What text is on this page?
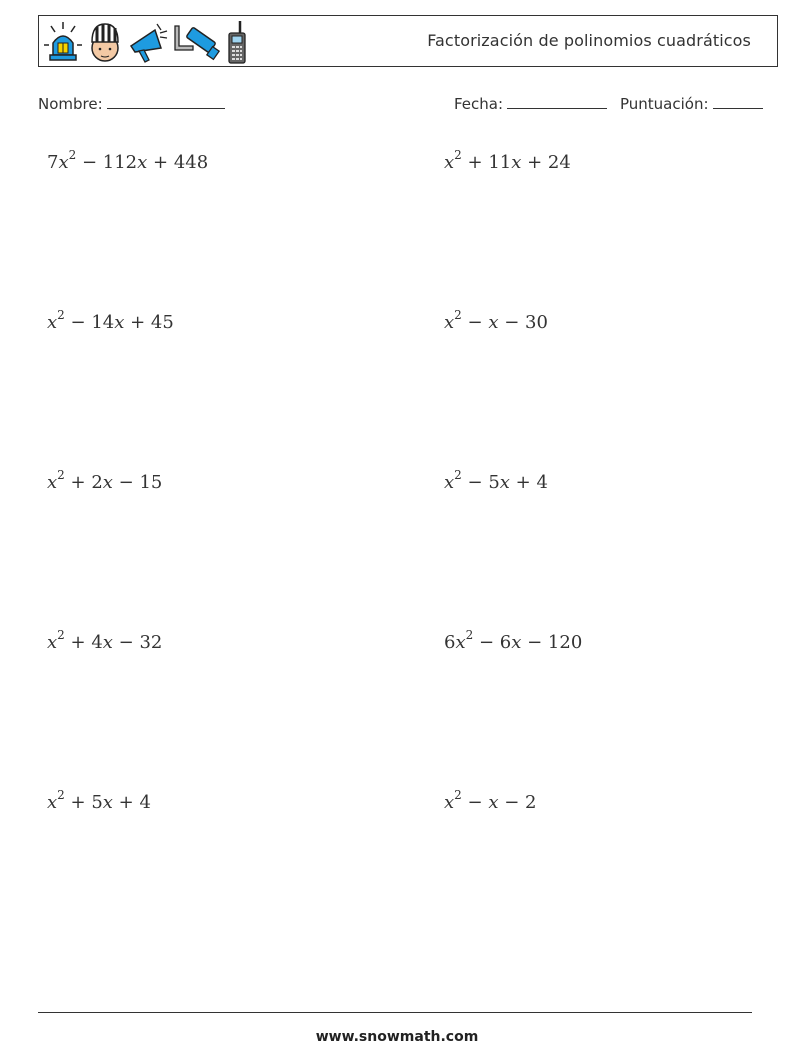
Factorización de polinomios cuadráticos
Nombre:	Fecha:	Puntuación:
$7x^2 - 112x + 448$	$x^2 + 11x + 24$
$x^2 - 14x + 45$	$x^2 - x - 30$
$x^2 + 2x - 15$	$x^2 - 5x + 4$
$x^2 + 4x - 32$	$6x^2 - 6x - 120$
$x^2 + 5x + 4$	$x^2 - x - 2$
www.snowmath.com
